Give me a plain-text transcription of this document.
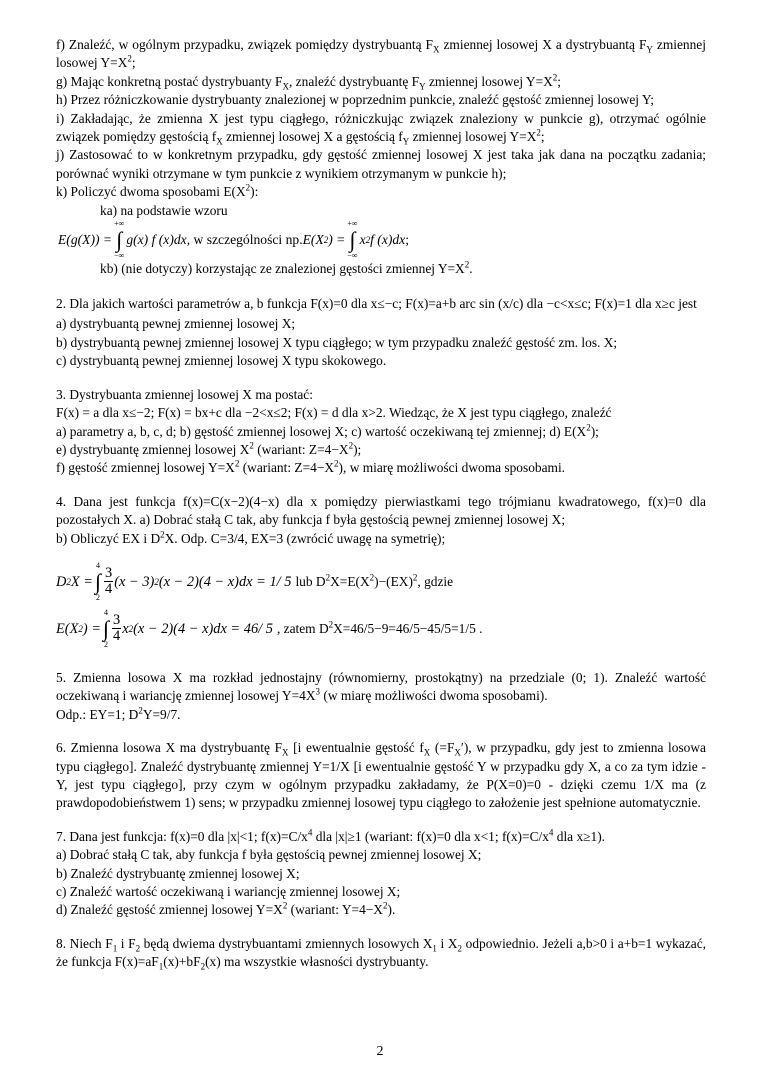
f) Znaleźć, w ogólnym przypadku, związek pomiędzy dystrybuantą $F_X$ zmiennej losowej X a dystrybuantą $F_Y$ zmiennej losowej $Y=X^2$;

g) Mając konkretną postać dystrybuanty $F_X$, znaleźć dystrybuantę $F_Y$ zmiennej losowej $Y=X^2$;

h) Przez różniczkowanie dystrybuanty znalezionej w poprzednim punkcie, znaleźć gęstość zmiennej losowej Y;

i) Zakładając, że zmienna X jest typu ciągłego, różniczkując związek znaleziony w punkcie g), otrzymać ogólnie związek pomiędzy gęstością $f_X$ zmiennej losowej X a gęstością $f_Y$ zmiennej losowej $Y=X^2$;

j) Zastosować to w konkretnym przypadku, gdy gęstość zmiennej losowej X jest taka jak dana na początku zadania; porównać wyniki otrzymane w tym punkcie z wynikiem otrzymanym w punkcie h);

k) Policzyć dwoma sposobami $E(X^2)$:

ka) na podstawie wzoru

E(g(X)) =
+∞
∫
−∞
g(x) f (x)dx , w szczególności np. E(X 2 ) =
+∞
∫
−∞
x 2 f (x)dx ;

kb) (nie dotyczy) korzystając ze znalezionej gęstości zmiennej $Y=X^2$.

2. Dla jakich wartości parametrów a, b funkcja F(x)=0 dla x≤−c; F(x)=a+b arc sin (x/c) dla −c<x≤c; F(x)=1 dla x≥c jest

a) dystrybuantą pewnej zmiennej losowej X;

b) dystrybuantą pewnej zmiennej losowej X typu ciągłego; w tym przypadku znaleźć gęstość zm. los. X;

c) dystrybuantą pewnej zmiennej losowej X typu skokowego.

3. Dystrybuanta zmiennej losowej X ma postać:

F(x) = a dla x≤−2; F(x) = bx+c dla −2<x≤2; F(x) = d dla x>2. Wiedząc, że X jest typu ciągłego, znaleźć

a) parametry a, b, c, d; b) gęstość zmiennej losowej X; c) wartość oczekiwaną tej zmiennej; d) $E(X^2)$;

e) dystrybuantę zmiennej losowej $X^2$ (wariant: $Z=4-X^2$);

f) gęstość zmiennej losowej $Y=X^2$ (wariant: $Z=4-X^2$), w miarę możliwości dwoma sposobami.

4. Dana jest funkcja f(x)=C(x−2)(4−x) dla x pomiędzy pierwiastkami tego trójmianu kwadratowego, f(x)=0 dla pozostałych X. a) Dobrać stałą C tak, aby funkcja f była gęstością pewnej zmiennej losowej X;

b) Obliczyć EX i $D^2X$. Odp. C=3/4, EX=3 (zwrócić uwagę na symetrię);

D 2 X =
4
∫
$2 \frac{3}{4} (x - 3)$ 2 (x − 2)(4 − x)dx = 1/ 5 lub $D^2X=E(X^2)-(EX)^2$, gdzie
E(X 2 ) =
4
∫
$2 \frac{3}{4}$ x 2 (x − 2)(4 − x)dx = 46/ 5 , zatem $D^2X=46/5-9=46/5-45/5=1/5$ .

5. Zmienna losowa X ma rozkład jednostajny (równomierny, prostokątny) na przedziale (0; 1). Znaleźć wartość oczekiwaną i wariancję zmiennej losowej $Y=4X^3$ (w miarę możliwości dwoma sposobami).

Odp.: EY=1; $D^2Y=9/7$.

6. Zmienna losowa X ma dystrybuantę $F_X$ [i ewentualnie gęstość $f_X$ $(=F_X')$, w przypadku, gdy jest to zmienna losowa typu ciągłego]. Znaleźć dystrybuantę zmiennej Y=1/X [i ewentualnie gęstość Y w przypadku gdy X, a co za tym idzie - Y, jest typu ciągłego], przy czym w ogólnym przypadku zakładamy, że P(X=0)=0 - dzięki czemu 1/X ma (z prawdopodobieństwem 1) sens; w przypadku zmiennej losowej typu ciągłego to założenie jest spełnione automatycznie.

7. Dana jest funkcja: f(x)=0 dla |x|<1; $f(x)=C/x^4$ dla |x|≥1 (wariant: f(x)=0 dla x<1; $f(x)=C/x^4$ dla x≥1).

a) Dobrać stałą C tak, aby funkcja f była gęstością pewnej zmiennej losowej X;

b) Znaleźć dystrybuantę zmiennej losowej X;

c) Znaleźć wartość oczekiwaną i wariancję zmiennej losowej X;

d) Znaleźć gęstość zmiennej losowej $Y=X^2$ (wariant: $Y=4-X^2$).

8. Niech $F_1$ i $F_2$ będą dwiema dystrybuantami zmiennych losowych $X_1$ i $X_2$ odpowiednio. Jeżeli a,b>0 i a+b=1 wykazać, że funkcja $F(x)=aF_1(x)+bF_2(x)$ ma wszystkie własności dystrybuanty.

2
